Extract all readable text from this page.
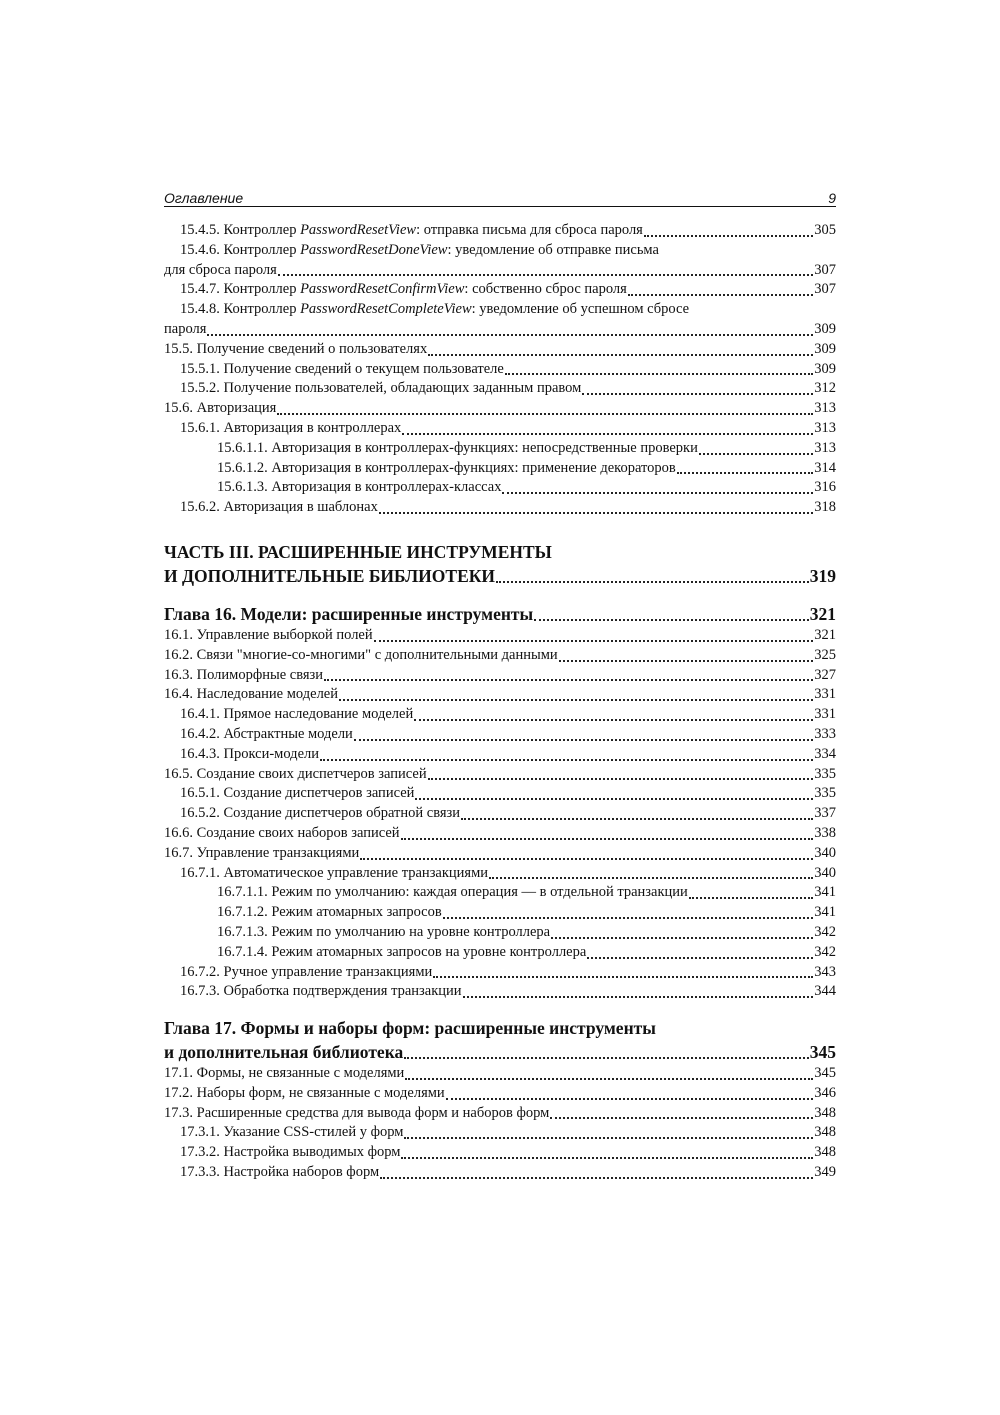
Оглавление	9
15.4.5. Контроллер PasswordResetView: отправка письма для сброса пароля	305
15.4.6. Контроллер PasswordResetDoneView: уведомление об отправке письма
для сброса пароля	307
15.4.7. Контроллер PasswordResetConfirmView: собственно сброс пароля	307
15.4.8. Контроллер PasswordResetCompleteView: уведомление об успешном сбросе
пароля	309
15.5. Получение сведений о пользователях	309
15.5.1. Получение сведений о текущем пользователе	309
15.5.2. Получение пользователей, обладающих заданным правом	312
15.6. Авторизация	313
15.6.1. Авторизация в контроллерах	313
15.6.1.1. Авторизация в контроллерах-функциях: непосредственные проверки	313
15.6.1.2. Авторизация в контроллерах-функциях: применение декораторов	314
15.6.1.3. Авторизация в контроллерах-классах	316
15.6.2. Авторизация в шаблонах	318
ЧАСТЬ III. РАСШИРЕННЫЕ ИНСТРУМЕНТЫ
И ДОПОЛНИТЕЛЬНЫЕ БИБЛИОТЕКИ	319
Глава 16. Модели: расширенные инструменты	321
16.1. Управление выборкой полей	321
16.2. Связи "многие-со-многими" с дополнительными данными	325
16.3. Полиморфные связи	327
16.4. Наследование моделей	331
16.4.1. Прямое наследование моделей	331
16.4.2. Абстрактные модели	333
16.4.3. Прокси-модели	334
16.5. Создание своих диспетчеров записей	335
16.5.1. Создание диспетчеров записей	335
16.5.2. Создание диспетчеров обратной связи	337
16.6. Создание своих наборов записей	338
16.7. Управление транзакциями	340
16.7.1. Автоматическое управление транзакциями	340
16.7.1.1. Режим по умолчанию: каждая операция — в отдельной транзакции	341
16.7.1.2. Режим атомарных запросов	341
16.7.1.3. Режим по умолчанию на уровне контроллера	342
16.7.1.4. Режим атомарных запросов на уровне контроллера	342
16.7.2. Ручное управление транзакциями	343
16.7.3. Обработка подтверждения транзакции	344
Глава 17. Формы и наборы форм: расширенные инструменты
и дополнительная библиотека	345
17.1. Формы, не связанные с моделями	345
17.2. Наборы форм, не связанные с моделями	346
17.3. Расширенные средства для вывода форм и наборов форм	348
17.3.1. Указание CSS-стилей у форм	348
17.3.2. Настройка выводимых форм	348
17.3.3. Настройка наборов форм	349
